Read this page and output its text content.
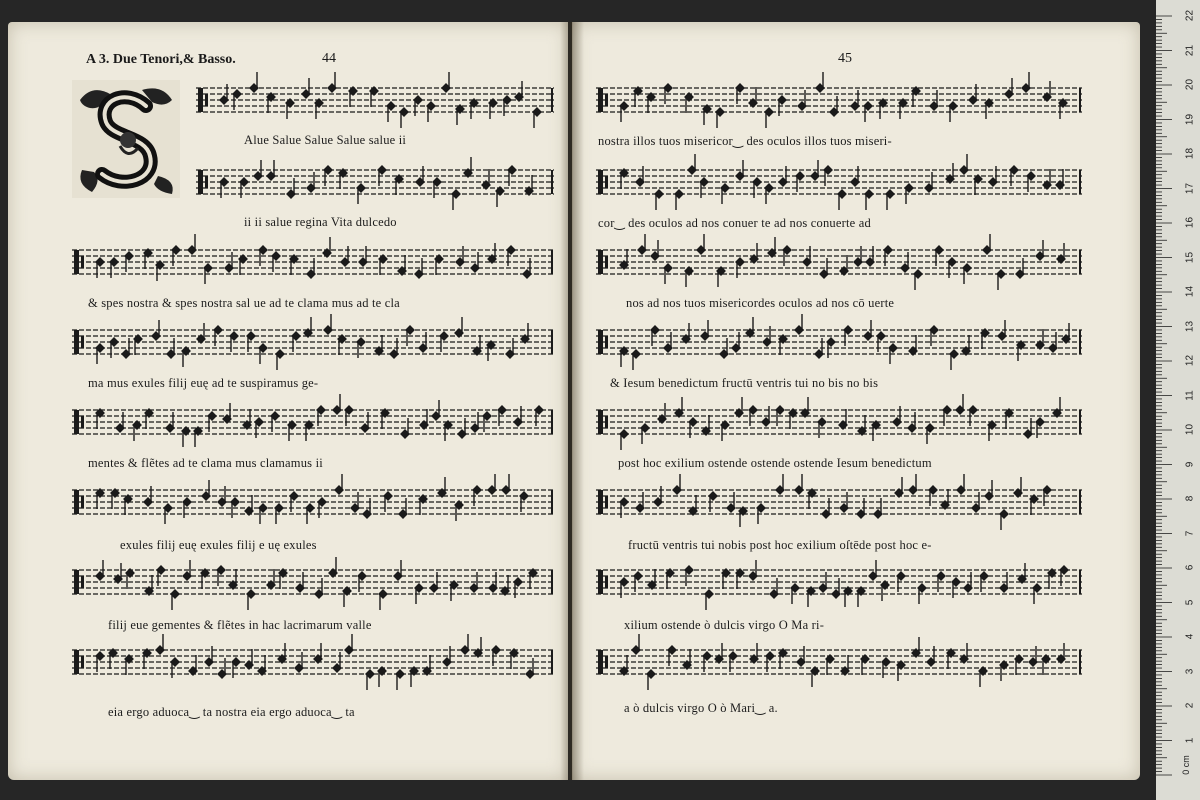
A 3. Due Tenori,& Basso.	44	45
Alue Salue Salue Salue salue ii
ii ii salue regina Vita dulcedo
& spes nostra & spes nostra sal ue ad te clama mus ad te cla
ma mus exules filij euę ad te suspiramus ge-
mentes & flẽtes ad te clama mus clamamus ii
exules filij euę exules filij e uę exules
filij eue gementes & flẽtes in hac lacrimarum valle
eia ergo aduoca‿ ta nostra eia ergo aduoca‿ ta
nostra illos tuos misericor‿ des oculos illos tuos miseri-
cor‿ des oculos ad nos conuer te ad nos conuerte ad
nos ad nos tuos misericordes oculos ad nos cō uerte
& Iesum benedictum fructū ventris tui no bis no bis
post hoc exilium ostende ostende ostende Iesum benedictum
fructū ventris tui nobis post hoc exilium oſtēde post hoc e-
xilium ostende ò dulcis virgo O Ma ri-
a ò dulcis virgo O ò Mari‿ a.
22
21
20
19
18
17
16
15
14
13
12
11
10
9
8
7
6
5
4
3
2
1
0 cm
